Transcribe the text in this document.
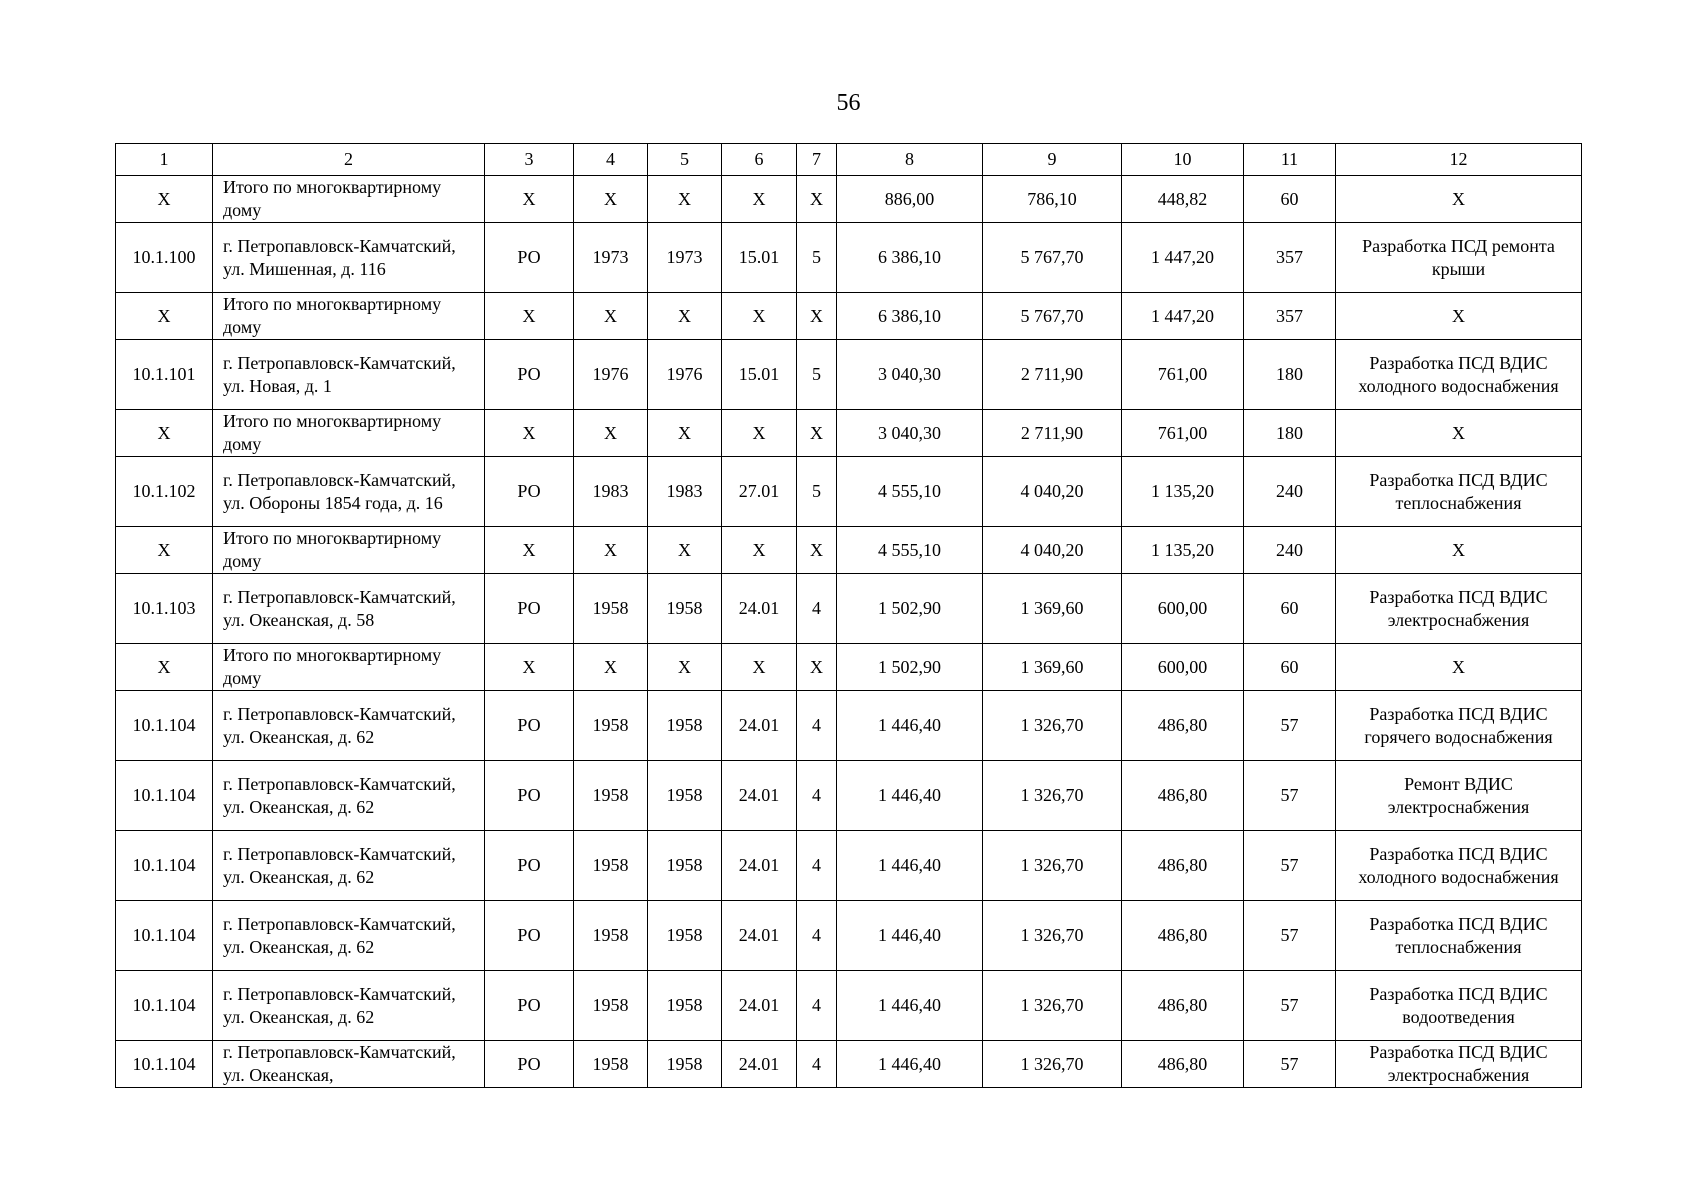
56
1	2	3	4	5	6	7	8	9	10	11	12

Х	Итого по многоквартирному дому	Х	Х	Х	Х	Х	886,00	786,10	448,82	60	Х

10.1.100	г. Петропавловск-Камчатский, ул. Мишенная, д. 116	РО	1973	1973	15.01	5	6 386,10	5 767,70	1 447,20	357	Разработка ПСД ремонта крыши

Х	Итого по многоквартирному дому	Х	Х	Х	Х	Х	6 386,10	5 767,70	1 447,20	357	Х

10.1.101	г. Петропавловск-Камчатский, ул. Новая, д. 1	РО	1976	1976	15.01	5	3 040,30	2 711,90	761,00	180	Разработка ПСД ВДИС холодного водоснабжения

Х	Итого по многоквартирному дому	Х	Х	Х	Х	Х	3 040,30	2 711,90	761,00	180	Х

10.1.102	г. Петропавловск-Камчатский, ул. Обороны 1854 года, д. 16	РО	1983	1983	27.01	5	4 555,10	4 040,20	1 135,20	240	Разработка ПСД ВДИС теплоснабжения

Х	Итого по многоквартирному дому	Х	Х	Х	Х	Х	4 555,10	4 040,20	1 135,20	240	Х

10.1.103	г. Петропавловск-Камчатский, ул. Океанская, д. 58	РО	1958	1958	24.01	4	1 502,90	1 369,60	600,00	60	Разработка ПСД ВДИС электроснабжения

Х	Итого по многоквартирному дому	Х	Х	Х	Х	Х	1 502,90	1 369,60	600,00	60	Х

10.1.104	г. Петропавловск-Камчатский, ул. Океанская, д. 62	РО	1958	1958	24.01	4	1 446,40	1 326,70	486,80	57	Разработка ПСД ВДИС горячего водоснабжения

10.1.104	г. Петропавловск-Камчатский, ул. Океанская, д. 62	РО	1958	1958	24.01	4	1 446,40	1 326,70	486,80	57	Ремонт ВДИС электроснабжения

10.1.104	г. Петропавловск-Камчатский, ул. Океанская, д. 62	РО	1958	1958	24.01	4	1 446,40	1 326,70	486,80	57	Разработка ПСД ВДИС холодного водоснабжения

10.1.104	г. Петропавловск-Камчатский, ул. Океанская, д. 62	РО	1958	1958	24.01	4	1 446,40	1 326,70	486,80	57	Разработка ПСД ВДИС теплоснабжения

10.1.104	г. Петропавловск-Камчатский, ул. Океанская, д. 62	РО	1958	1958	24.01	4	1 446,40	1 326,70	486,80	57	Разработка ПСД ВДИС водоотведения

10.1.104	г. Петропавловск-Камчатский, ул. Океанская,	РО	1958	1958	24.01	4	1 446,40	1 326,70	486,80	57	Разработка ПСД ВДИС электроснабжения
